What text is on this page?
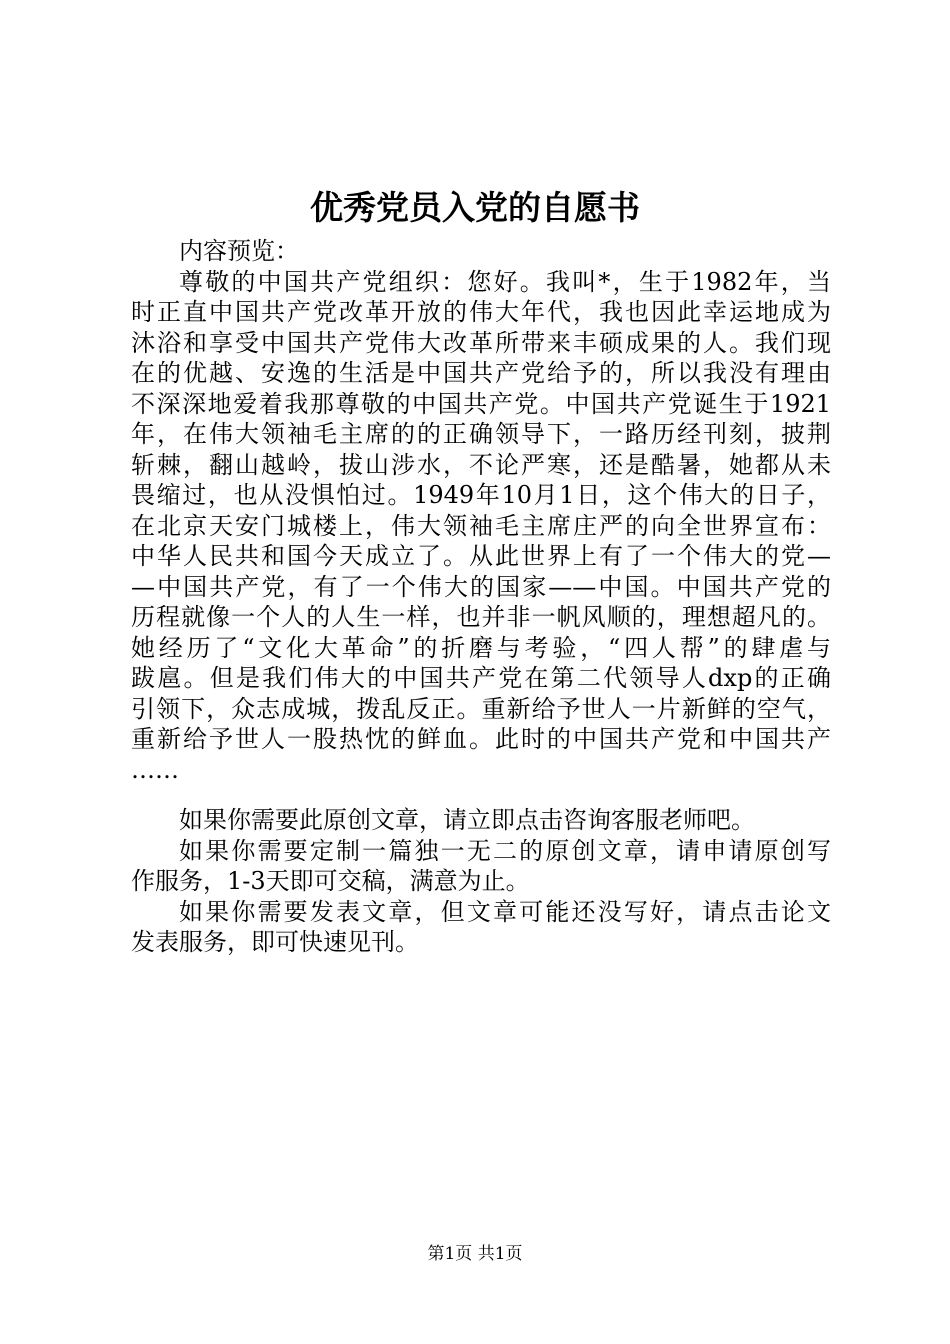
优秀党员入党的自愿书
内容预览：
尊敬的中国共产党组织：您好。我叫*，生于1982年，当
时正直中国共产党改革开放的伟大年代，我也因此幸运地成为
沐浴和享受中国共产党伟大改革所带来丰硕成果的人。我们现
在的优越、安逸的生活是中国共产党给予的，所以我没有理由
不深深地爱着我那尊敬的中国共产党。中国共产党诞生于1921
年，在伟大领袖毛主席的的正确领导下，一路历经刊刻，披荆
斩棘，翻山越岭，拔山涉水，不论严寒，还是酷暑，她都从未
畏缩过，也从没惧怕过。1949年10月1日，这个伟大的日子，
在北京天安门城楼上，伟大领袖毛主席庄严的向全世界宣布：
中华人民共和国今天成立了。从此世界上有了一个伟大的党—
—中国共产党，有了一个伟大的国家——中国。中国共产党的
历程就像一个人的人生一样，也并非一帆风顺的，理想超凡的。
她经历了“文化大革命”的折磨与考验，“四人帮”的肆虐与
跋扈。但是我们伟大的中国共产党在第二代领导人dxp的正确
引领下，众志成城，拨乱反正。重新给予世人一片新鲜的空气，
重新给予世人一股热忱的鲜血。此时的中国共产党和中国共产
……
如果你需要此原创文章，请立即点击咨询客服老师吧。
如果你需要定制一篇独一无二的原创文章，请申请原创写
作服务，1-3天即可交稿，满意为止。
如果你需要发表文章，但文章可能还没写好，请点击论文
发表服务，即可快速见刊。
第1页 共1页
